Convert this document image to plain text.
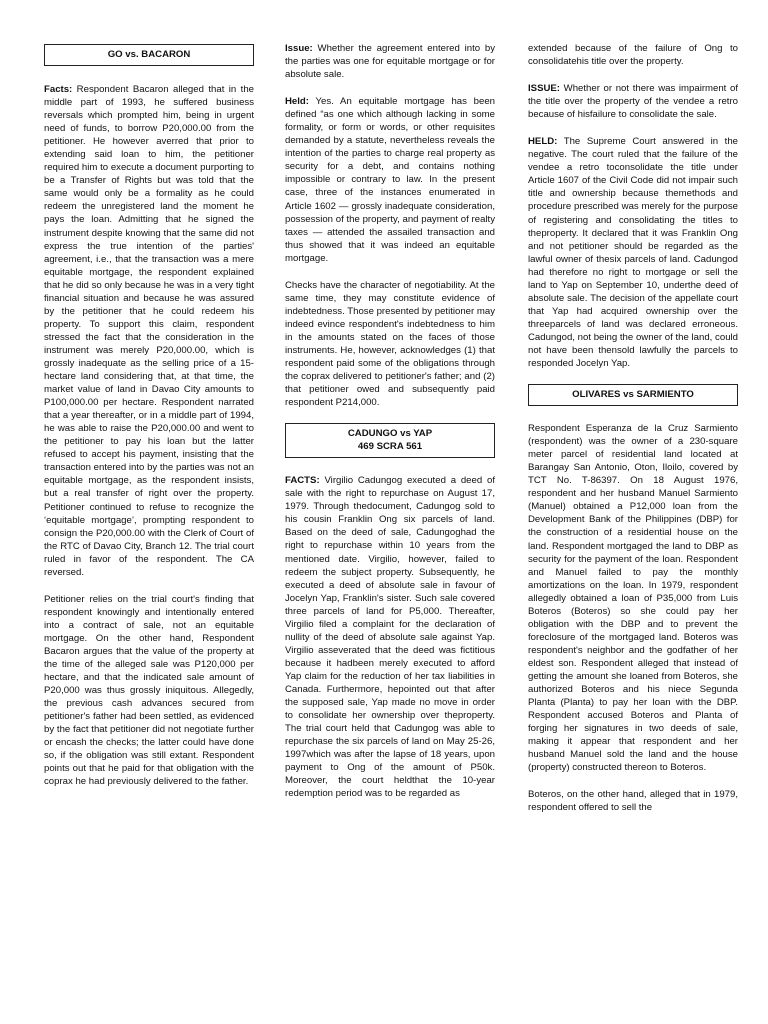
GO vs. BACARON

Facts: Respondent Bacaron alleged that in the middle part of 1993, he suffered business reversals which prompted him, being in urgent need of funds, to borrow P20,000.00 from the petitioner. He however averred that prior to extending said loan to him, the petitioner required him to execute a document purporting to be a Transfer of Rights but was told that the same would only be a formality as he could redeem the unregistered land the moment he pays the loan. Admitting that he signed the instrument despite knowing that the same did not express the true intention of the parties' agreement, i.e., that the transaction was a mere equitable mortgage, the respondent explained that he did so only because he was in a very tight financial situation and because he was assured by the petitioner that he could redeem his property. To support this claim, respondent stressed the fact that the consideration in the instrument was merely P20,000.00, which is grossly inadequate as the selling price of a 15-hectare land considering that, at that time, the market value of land in Davao City amounts to P100,000.00 per hectare. Respondent narrated that a year thereafter, or in a middle part of 1994, he was able to raise the P20,000.00 and went to the petitioner to pay his loan but the latter refused to accept his payment, insisting that the transaction entered into by the parties was not an equitable mortgage, as the respondent insists, but a real transfer of right over the property. Petitioner continued to refuse to recognize the ‘equitable mortgage’, prompting respondent to consign the P20,000.00 with the Clerk of Court of the RTC of Davao City, Branch 12. The trial court ruled in favor of the respondent. The CA reversed.

Petitioner relies on the trial court's finding that respondent knowingly and intentionally entered into a contract of sale, not an equitable mortgage. On the other hand, Respondent Bacaron argues that the value of the property at the time of the alleged sale was P120,000 per hectare, and that the indicated sale amount of P20,000 was thus grossly iniquitous. Allegedly, the previous cash advances secured from petitioner's father had been settled, as evidenced by the fact that petitioner did not negotiate further or encash the checks; the latter could have done so, if the obligation was still extant. Respondent points out that he paid for that obligation with the coprax he had previously delivered to the father.

Issue: Whether the agreement entered into by the parties was one for equitable mortgage or for absolute sale.

Held: Yes. An equitable mortgage has been defined “as one which although lacking in some formality, or form or words, or other requisites demanded by a statute, nevertheless reveals the intention of the parties to charge real property as security for a debt, and contains nothing impossible or contrary to law. In the present case, three of the instances enumerated in Article 1602 — grossly inadequate consideration, possession of the property, and payment of realty taxes — attended the assailed transaction and thus showed that it was indeed an equitable mortgage.

Checks have the character of negotiability. At the same time, they may constitute evidence of indebtedness. Those presented by petitioner may indeed evince respondent's indebtedness to him in the amounts stated on the faces of those instruments. He, however, acknowledges (1) that respondent paid some of the obligations through the coprax delivered to petitioner's father; and (2) that petitioner owed and subsequently paid respondent P214,000.

CADUNGO vs YAP
469 SCRA 561

FACTS: Virgilio Cadungog executed a deed of sale with the right to repurchase on August 17, 1979. Through thedocument, Cadungog sold to his cousin Franklin Ong six parcels of land. Based on the deed of sale, Cadungoghad the right to repurchase within 10 years from the mentioned date. Virgilio, however, failed to redeem the subject property. Subsequently, he executed a deed of absolute sale in favour of Jocelyn Yap, Franklin's sister. Such sale covered three parcels of land for P5,000. Thereafter, Virgilio filed a complaint for the declaration of nullity of the deed of absolute sale against Yap. Virgilio asseverated that the deed was fictitious because it hadbeen merely executed to afford Yap claim for the reduction of her tax liabilities in Canada. Furthermore, hepointed out that after the supposed sale, Yap made no move in order to consolidate her ownership over theproperty. The trial court held that Cadungog was able to repurchase the six parcels of land on May 25-26, 1997which was after the lapse of 18 years, upon payment to Ong of the amount of P50k. Moreover, the court heldthat the 10-year redemption period was to be regarded as

extended because of the failure of Ong to consolidatehis title over the property.

ISSUE: Whether or not there was impairment of the title over the property of the vendee a retro because of hisfailure to consolidate the sale.

HELD: The Supreme Court answered in the negative. The court ruled that the failure of the vendee a retro toconsolidate the title under Article 1607 of the Civil Code did not impair such title and ownership because themethods and procedure prescribed was merely for the purpose of registering and consolidating the titles to theproperty. It declared that it was Franklin Ong and not petitioner should be regarded as the lawful owner of thesix parcels of land. Cadungod had therefore no right to mortgage or sell the land to Yap on September 10, underthe deed of absolute sale. The decision of the appellate court that Yap had acquired ownership over the threeparcels of land was declared erroneous. Cadungod, not being the owner of the land, could not have been thensold lawfully the parcels to responded Jocelyn Yap.

OLIVARES vs SARMIENTO

Respondent Esperanza de la Cruz Sarmiento (respondent) was the owner of a 230-square meter parcel of residential land located at Barangay San Antonio, Oton, Iloilo, covered by TCT No. T-86397. On 18 August 1976, respondent and her husband Manuel Sarmiento (Manuel) obtained a P12,000 loan from the Development Bank of the Philippines (DBP) for the construction of a residential house on the land. Respondent mortgaged the land to DBP as security for the payment of the loan. Respondent and Manuel failed to pay the monthly amortizations on the loan. In 1979, respondent allegedly obtained a loan of P35,000 from Luis Boteros (Boteros) so she could pay her obligation with the DBP and to prevent the foreclosure of the mortgaged land. Boteros was respondent's neighbor and the godfather of her eldest son. Respondent alleged that instead of getting the amount she loaned from Boteros, she authorized Boteros and his niece Segunda Planta (Planta) to pay her loan with the DBP. Respondent accused Boteros and Planta of forging her signatures in two deeds of sale, making it appear that respondent and her husband Manuel sold the land and the house (property) constructed thereon to Boteros.

Boteros, on the other hand, alleged that in 1979, respondent offered to sell the
